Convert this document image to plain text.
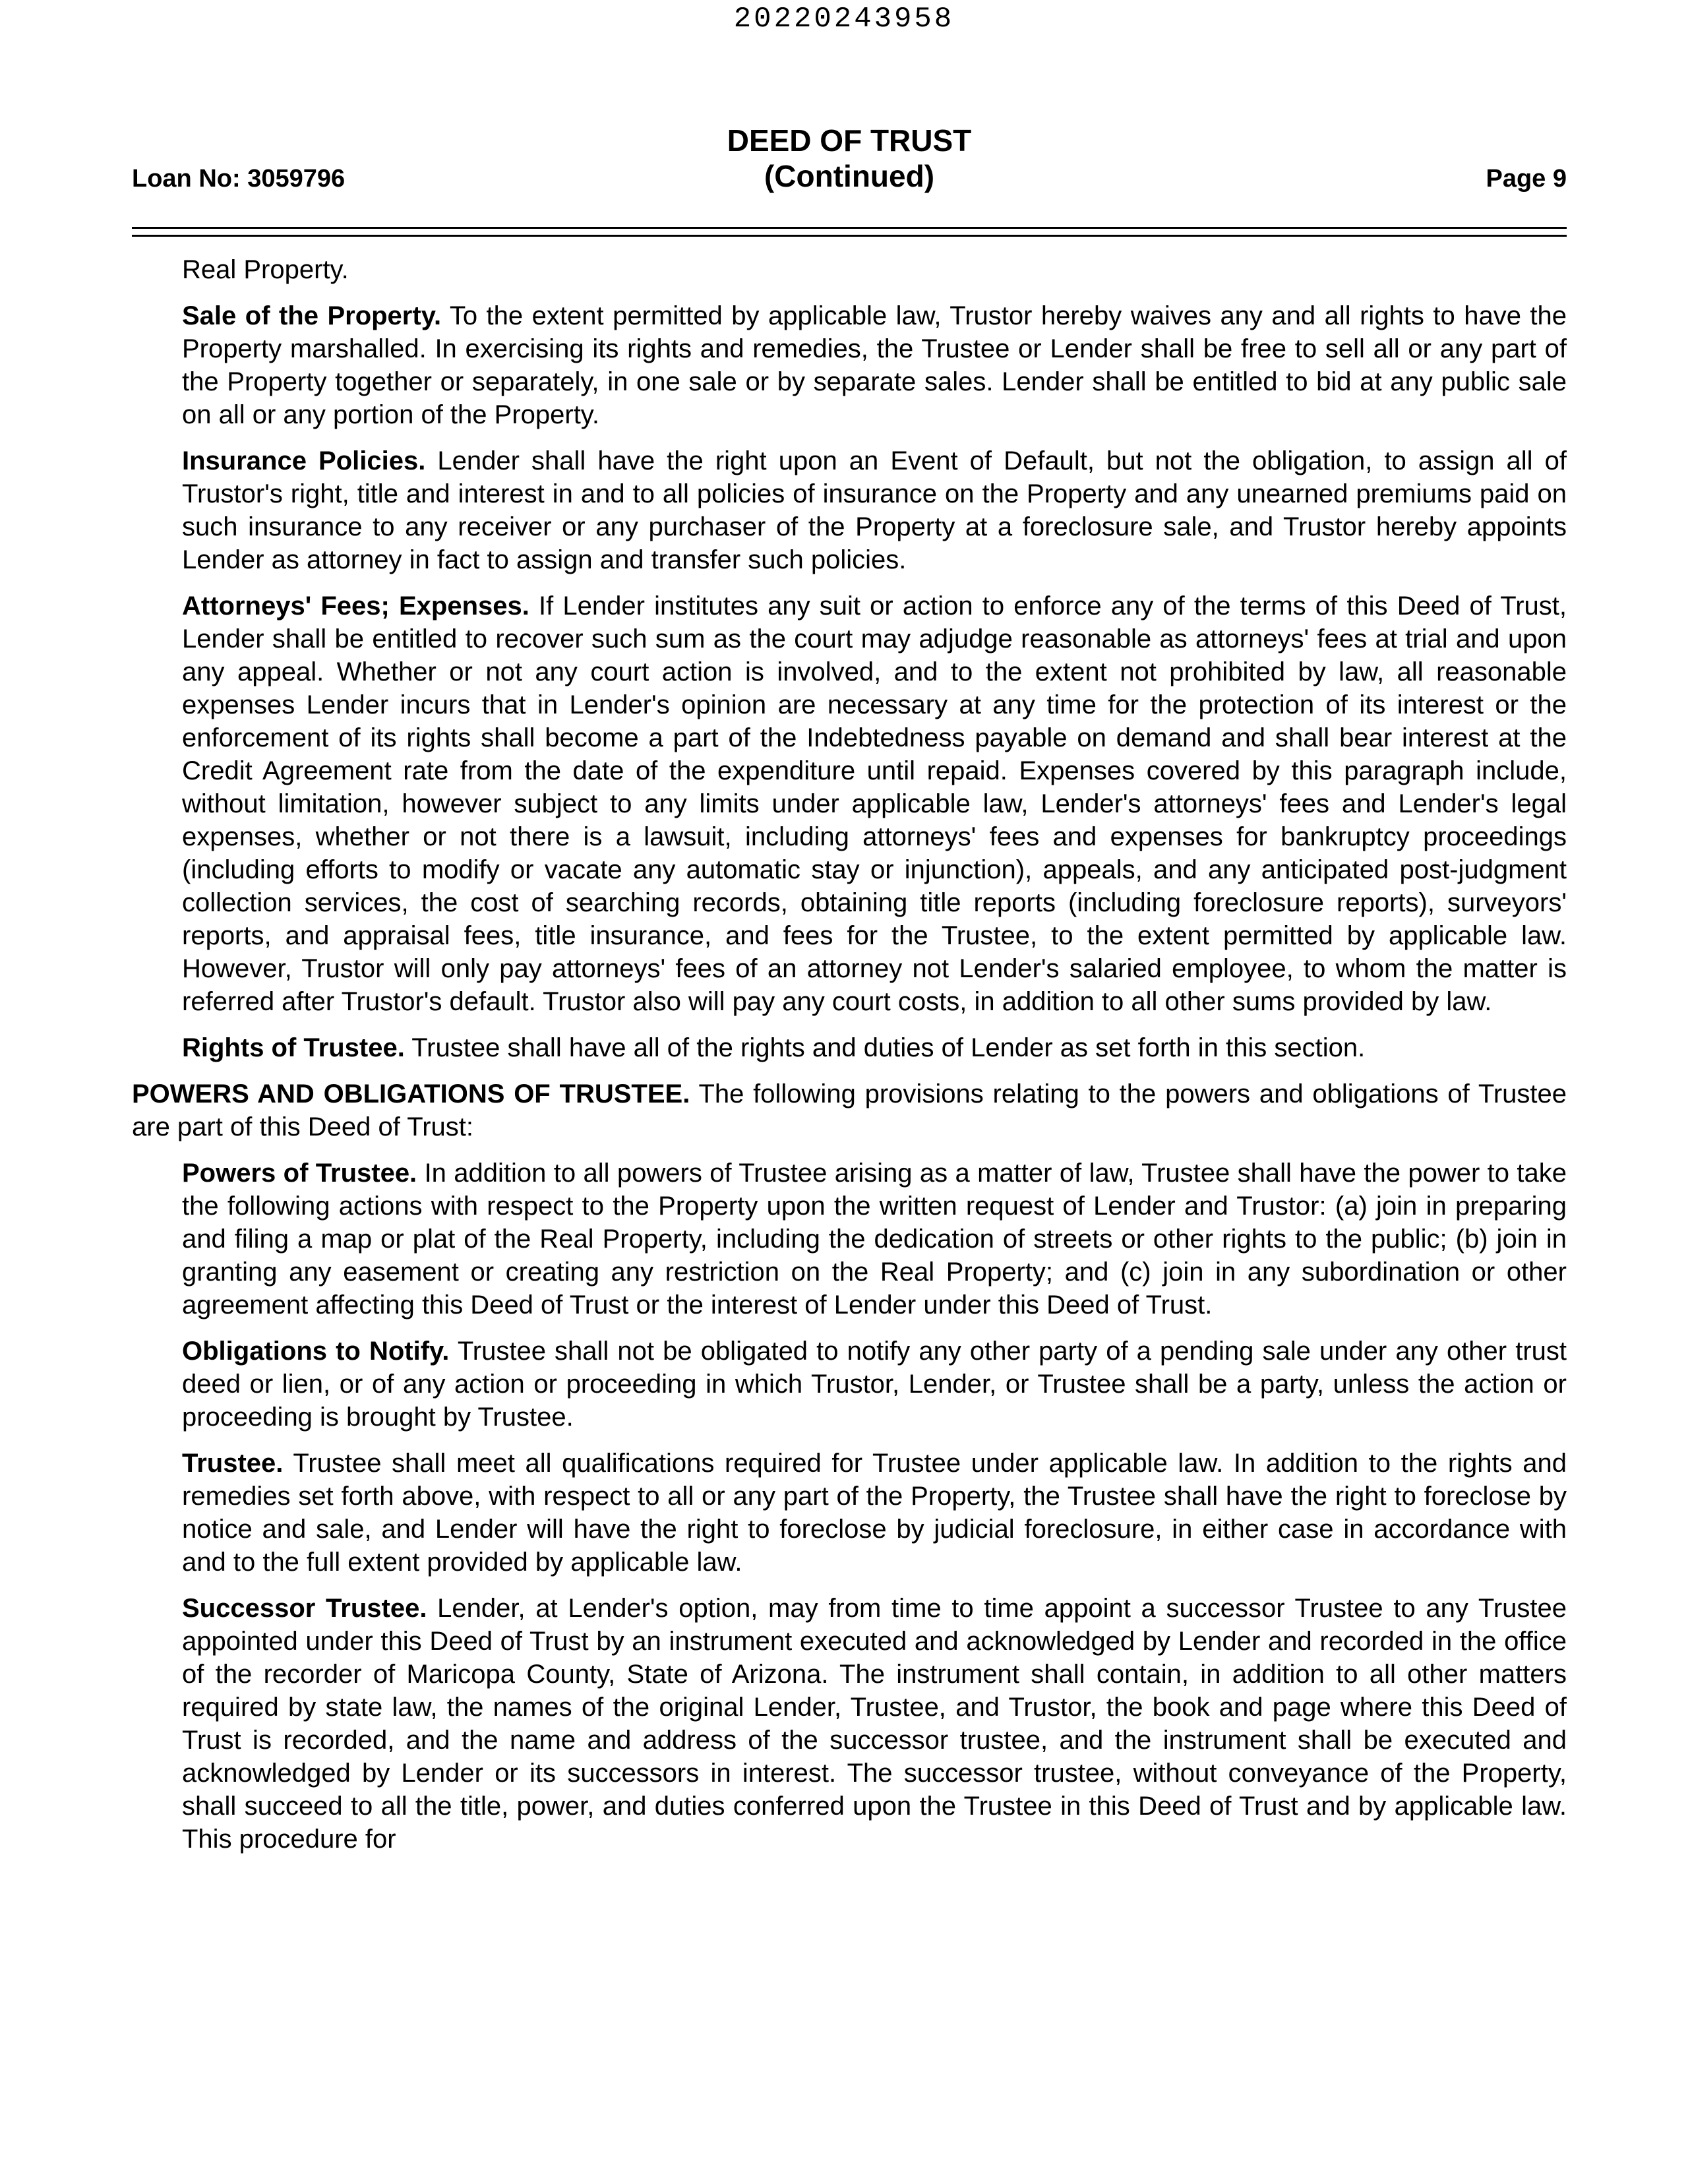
20220243958
Loan No: 3059796
DEED OF TRUST
(Continued)	Page 9

Real Property.

Sale of the Property. To the extent permitted by applicable law, Trustor hereby waives any and all rights to have the Property marshalled. In exercising its rights and remedies, the Trustee or Lender shall be free to sell all or any part of the Property together or separately, in one sale or by separate sales. Lender shall be entitled to bid at any public sale on all or any portion of the Property.

Insurance Policies. Lender shall have the right upon an Event of Default, but not the obligation, to assign all of Trustor's right, title and interest in and to all policies of insurance on the Property and any unearned premiums paid on such insurance to any receiver or any purchaser of the Property at a foreclosure sale, and Trustor hereby appoints Lender as attorney in fact to assign and transfer such policies.

Attorneys' Fees; Expenses. If Lender institutes any suit or action to enforce any of the terms of this Deed of Trust, Lender shall be entitled to recover such sum as the court may adjudge reasonable as attorneys' fees at trial and upon any appeal. Whether or not any court action is involved, and to the extent not prohibited by law, all reasonable expenses Lender incurs that in Lender's opinion are necessary at any time for the protection of its interest or the enforcement of its rights shall become a part of the Indebtedness payable on demand and shall bear interest at the Credit Agreement rate from the date of the expenditure until repaid. Expenses covered by this paragraph include, without limitation, however subject to any limits under applicable law, Lender's attorneys' fees and Lender's legal expenses, whether or not there is a lawsuit, including attorneys' fees and expenses for bankruptcy proceedings (including efforts to modify or vacate any automatic stay or injunction), appeals, and any anticipated post-judgment collection services, the cost of searching records, obtaining title reports (including foreclosure reports), surveyors' reports, and appraisal fees, title insurance, and fees for the Trustee, to the extent permitted by applicable law. However, Trustor will only pay attorneys' fees of an attorney not Lender's salaried employee, to whom the matter is referred after Trustor's default. Trustor also will pay any court costs, in addition to all other sums provided by law.

Rights of Trustee. Trustee shall have all of the rights and duties of Lender as set forth in this section.

POWERS AND OBLIGATIONS OF TRUSTEE. The following provisions relating to the powers and obligations of Trustee are part of this Deed of Trust:

Powers of Trustee. In addition to all powers of Trustee arising as a matter of law, Trustee shall have the power to take the following actions with respect to the Property upon the written request of Lender and Trustor: (a) join in preparing and filing a map or plat of the Real Property, including the dedication of streets or other rights to the public; (b) join in granting any easement or creating any restriction on the Real Property; and (c) join in any subordination or other agreement affecting this Deed of Trust or the interest of Lender under this Deed of Trust.

Obligations to Notify. Trustee shall not be obligated to notify any other party of a pending sale under any other trust deed or lien, or of any action or proceeding in which Trustor, Lender, or Trustee shall be a party, unless the action or proceeding is brought by Trustee.

Trustee. Trustee shall meet all qualifications required for Trustee under applicable law. In addition to the rights and remedies set forth above, with respect to all or any part of the Property, the Trustee shall have the right to foreclose by notice and sale, and Lender will have the right to foreclose by judicial foreclosure, in either case in accordance with and to the full extent provided by applicable law.

Successor Trustee. Lender, at Lender's option, may from time to time appoint a successor Trustee to any Trustee appointed under this Deed of Trust by an instrument executed and acknowledged by Lender and recorded in the office of the recorder of Maricopa County, State of Arizona. The instrument shall contain, in addition to all other matters required by state law, the names of the original Lender, Trustee, and Trustor, the book and page where this Deed of Trust is recorded, and the name and address of the successor trustee, and the instrument shall be executed and acknowledged by Lender or its successors in interest. The successor trustee, without conveyance of the Property, shall succeed to all the title, power, and duties conferred upon the Trustee in this Deed of Trust and by applicable law. This procedure for
